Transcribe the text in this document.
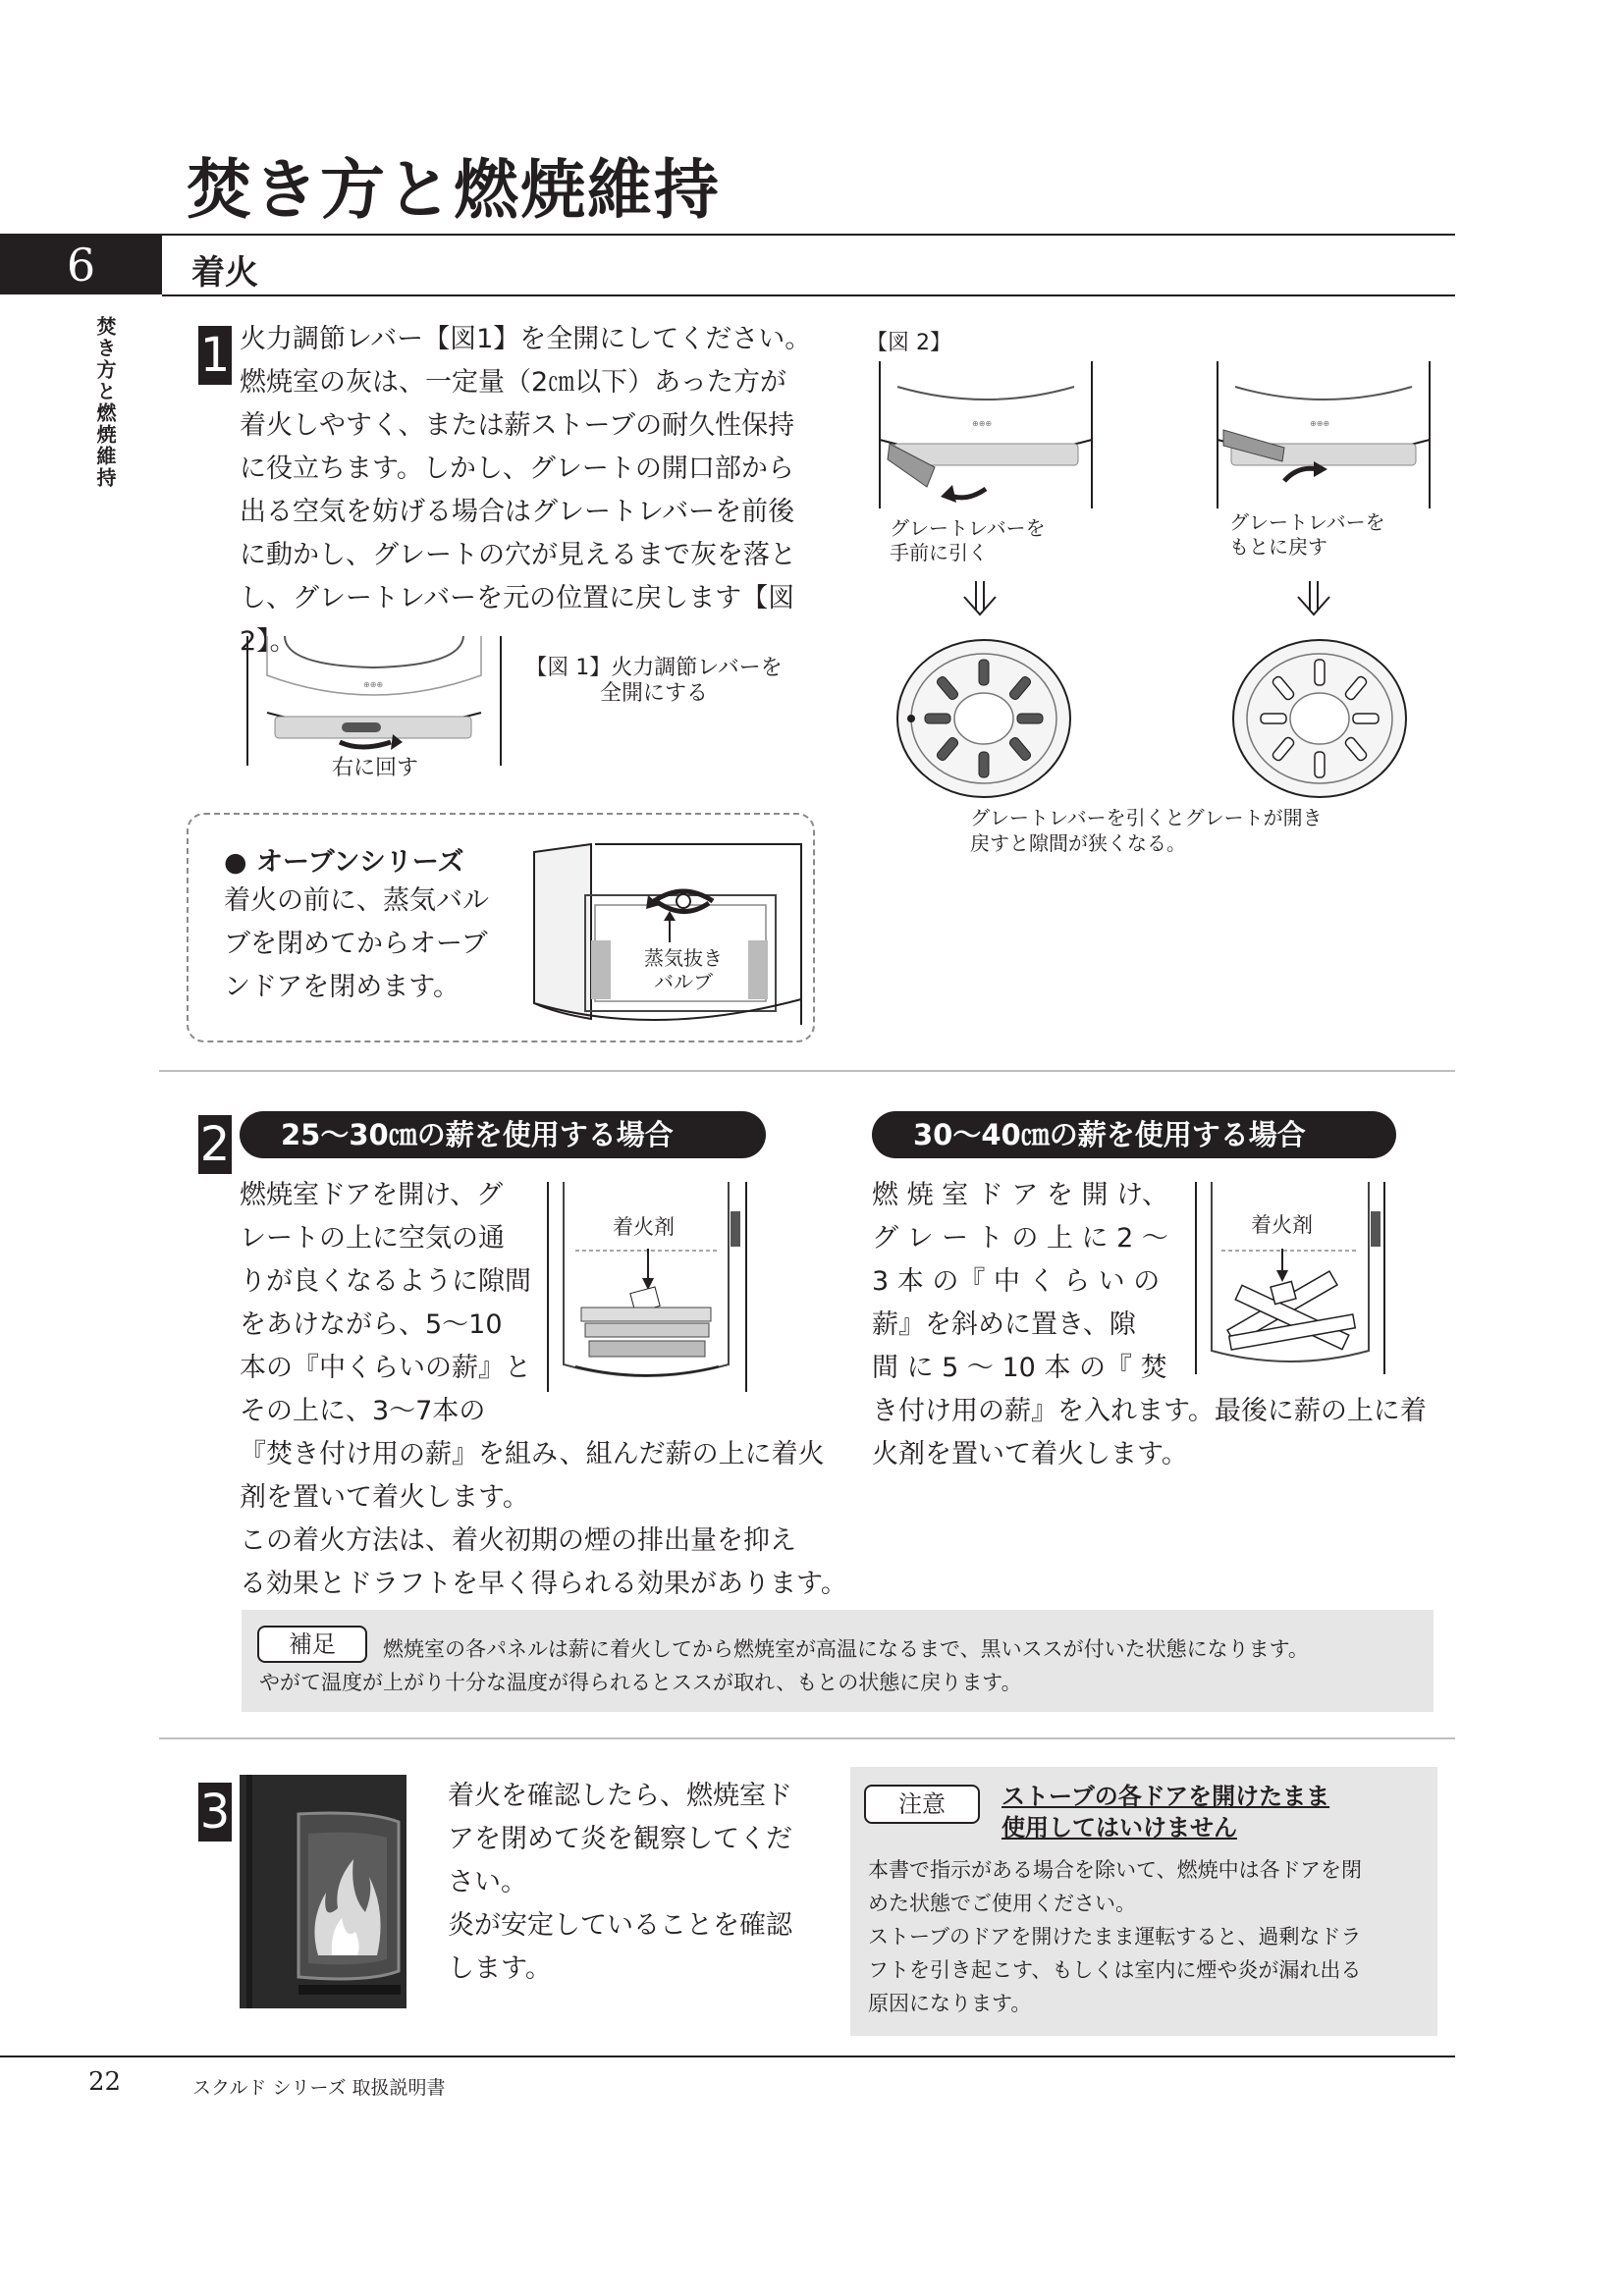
焚き方と燃焼維持
6	着火
焚き方と燃焼維持 1 火力調節レバー【図1】を全開にしてください。
燃焼室の灰は、一定量（2㎝以下）あった方が
着火しやすく、または薪ストーブの耐久性保持
に役立ちます。しかし、グレートの開口部から
出る空気を妨げる場合はグレートレバーを前後
に動かし、グレートの穴が見えるまで灰を落と
し、グレートレバーを元の位置に戻します【図2】。
⊕⊕⊕
右に回す
【図 1】火力調節レバーを
全開にする
● オーブンシリーズ
着火の前に、蒸気バル
ブを閉めてからオーブ
ンドアを閉めます。
蒸気抜き
バルブ
【図 2】
⊕⊕⊕	⊕⊕⊕
グレートレバーを
手前に引く
グレートレバーを
もとに戻す
グレートレバーを引くとグレートが開き
戻すと隙間が狭くなる。
2	25～30㎝の薪を使用する場合	30～40㎝の薪を使用する場合
燃焼室ドアを開け、グ
レートの上に空気の通
りが良くなるように隙間
をあけながら、5～10
本の『中くらいの薪』と
その上に、3～7本の
『焚き付け用の薪』を組み、組んだ薪の上に着火
剤を置いて着火します。
この着火方法は、着火初期の煙の排出量を抑え
る効果とドラフトを早く得られる効果があります。
着火剤
燃 焼 室 ド ア を 開 け、
グ レ ー ト の 上 に 2 ～
3 本 の『 中 く ら い の
薪』を斜めに置き、隙
間 に 5 ～ 10 本 の『 焚
き付け用の薪』を入れます。最後に薪の上に着
火剤を置いて着火します。
着火剤
補足	燃焼室の各パネルは薪に着火してから燃焼室が高温になるまで、黒いススが付いた状態になります。
やがて温度が上がり十分な温度が得られるとススが取れ、もとの状態に戻ります。
3	着火を確認したら、燃焼室ド
アを閉めて炎を観察してくだ
さい。
炎が安定していることを確認
します。
注意	ストーブの各ドアを開けたまま
使用してはいけません
本書で指示がある場合を除いて、燃焼中は各ドアを閉
めた状態でご使用ください。
ストーブのドアを開けたまま運転すると、過剰なドラ
フトを引き起こす、もしくは室内に煙や炎が漏れ出る
原因になります。
22	スクルド シリーズ 取扱説明書
